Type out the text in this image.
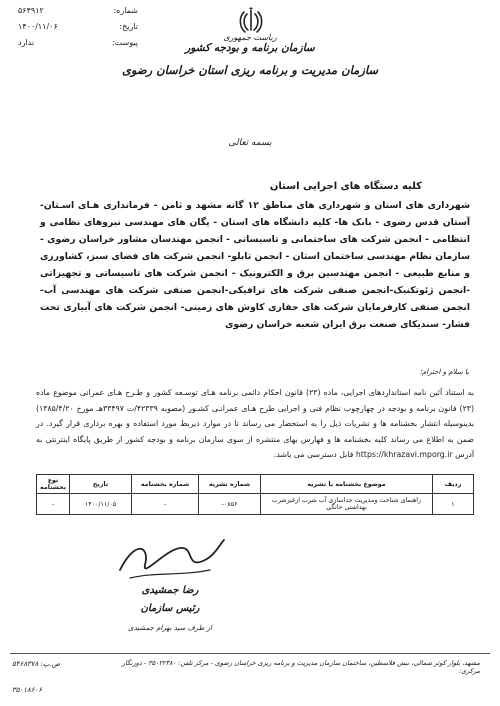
شماره:
۵۶۴۹۱۲
تاریخ:
۱۴۰۰/۱۱/۰۶
پیوست:
ندارد
ریاست جمهوری
سازمان برنامه و بودجه کشور
سازمان مدیریت و برنامه ریزی استان خراسان رضوی
بسمه تعالی
کلیه دستگاه های اجرایی استان
شهرداری های استان و شهرداری های مناطق ۱۲ گانه مشهد و ثامن - فرمانداری هـای اسـتان- آستان قدس رضوی - بانک ها- کلیه دانشگاه های استان - یگان های مهندسی نیروهای نظامی و انتظامی - انجمن شرکت های ساختمانی و تاسیساتی - انجمن مهندسان مشاور خراسان رضوی - سازمان نظام مهندسی ساختمان استان - انجمن تابلو- انجمن شرکت های فضای سبز، کشاورزی و منابع طبیعی - انجمن مهندسین برق و الکترونیک - انجمن شرکت های تاسیساتی و تجهیزاتی -انجمن ژئوتکنیک-انجمن صنفی شرکت های ترافیکی-انجمن صنفی شرکت های مهندسی آب- انجمن صنفی کارفرمایان شرکت های حفاری کاوش های زمینی- انجمن شرکت های آبیاری تحت فشار- سندیکای صنعت برق ایران شعبه خراسان رضوی
با سلام و احترام؛
به استناد آئین نامه استانداردهای اجرایی، ماده (۲۳) قانون احکام دائمی برنامه هـای توسـعه کشور و طـرح هـای عمرانی موضوع ماده (۲۳) قانون برنامه و بودجه در چهارچوب نظام فنی و اجرایی طرح هـای عمرانـی کشـور (مصوبه ۴۲۳۳۹/ت ۳۳۴۹۷هـ مورخ ۱۳۸۵/۴/۲۰) بدینوسیله انتشار بخشنامه ها و نشریات ذیل را به استحضار می رساند تا در موارد ذیربط مورد استفاده و بهره برداری قرار گیرد. در ضمن به اطلاع می رساند کلیه بخشنامه ها و فهارس بهای منتشره از سوی سازمان برنامه و بودجه کشور از طریق پایگاه اینترنتی به آدرس https://khrazavi.mporg.ir قابل دسترسی می باشد.
ردیف	موضوع بخشنامه یا نشریه	شماره نشریه	شماره بخشنامه	تاریخ	نوع بخشنامه
۱	راهنمای شناخت ومدیریت جداسازی آب شرب ازغیرشرب بهداشتی خانگی	۰۸۵۶-	-	۱۴۰۰/۱۱/۰۵	-
رضا جمشیدی
رئیس سازمان
از طرف سید بهرام جمشیدی
مشهد، بلوار کوثر شمالی، نبش فلاسطین، ساختمان سازمان مدیریت و برنامه ریزی خراسان رضوی - مرکز تلفن: ۳۵۰۲۲۳۸۰ - دورنگار مرکزی:
ص.پ: ۵۴۶۸۳۷۸
۳۵۰۱۸۶۰۶
